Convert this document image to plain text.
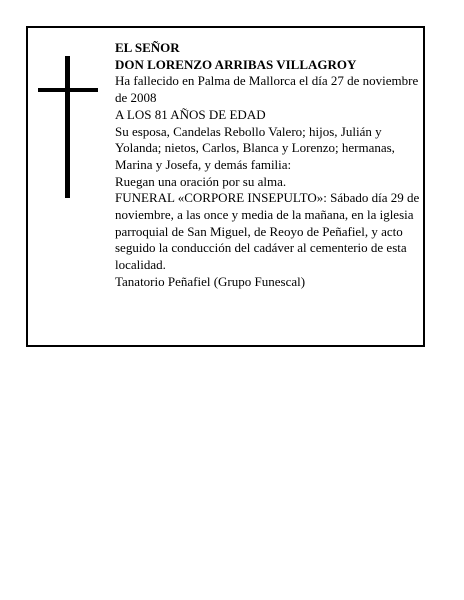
EL SEÑOR

DON LORENZO ARRIBAS VILLAGROY

Ha fallecido en Palma de Mallorca el día 27 de noviembre de 2008

A LOS 81 AÑOS DE EDAD

Su esposa, Candelas Rebollo Valero; hijos, Julián y Yolanda; nietos, Carlos, Blanca y Lorenzo; hermanas, Marina y Josefa, y demás familia:

Ruegan una oración por su alma.

FUNERAL «CORPORE INSEPULTO»: Sábado día 29 de noviembre, a las once y media de la mañana, en la iglesia parroquial de San Miguel, de Reoyo de Peñafiel, y acto seguido la conducción del cadáver al cementerio de esta localidad.

Tanatorio Peñafiel (Grupo Funescal)
